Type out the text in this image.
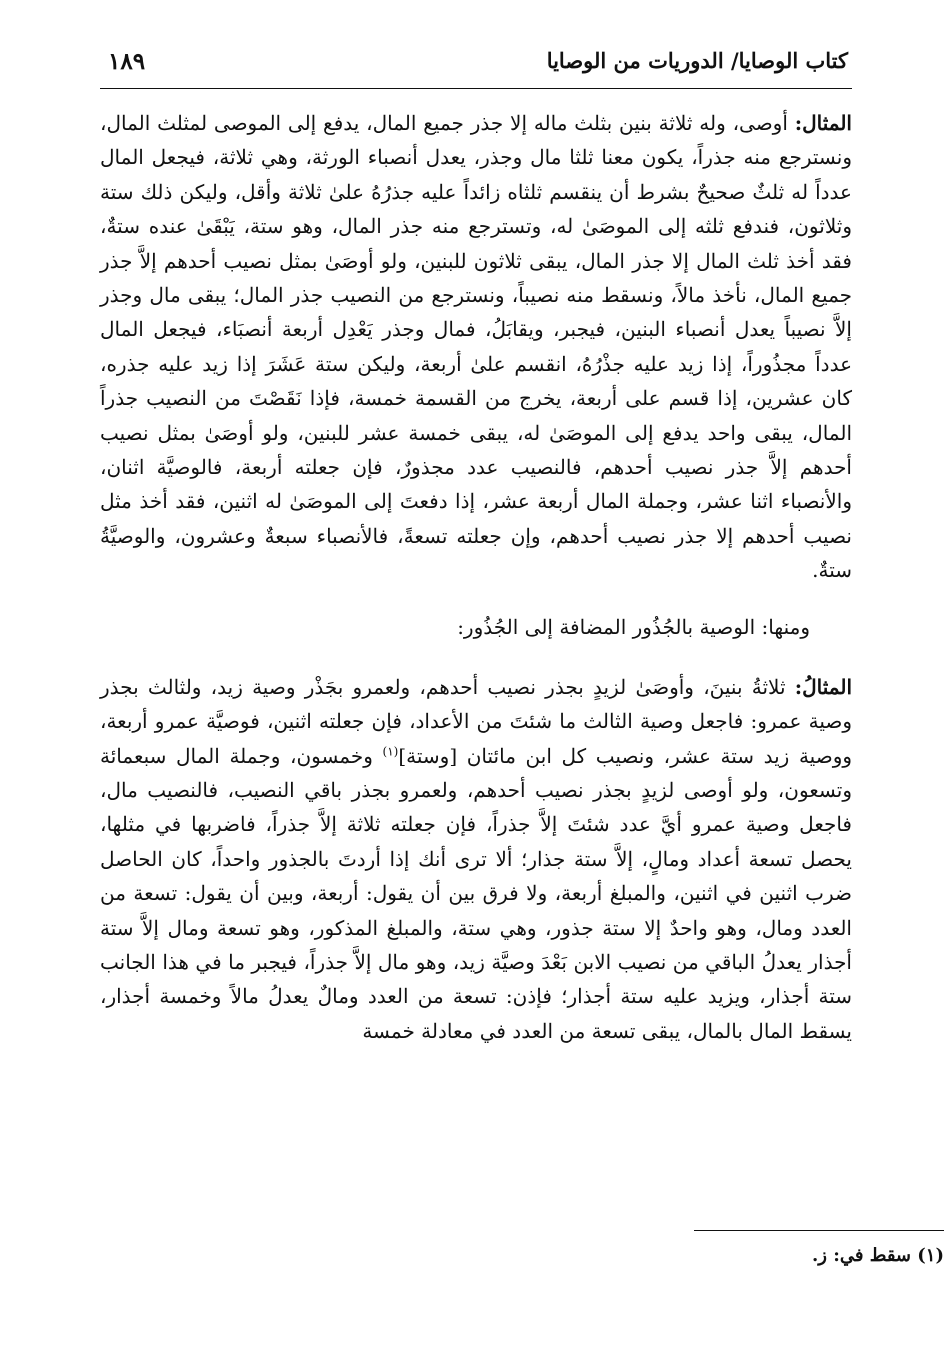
كتاب الوصايا/ الدوريات من الوصايا
١٨٩

المثال: أوصى، وله ثلاثة بنين بثلث ماله إلا جذر جميع المال، يدفع إلى الموصى لمثلث المال، ونسترجع منه جذراً، يكون معنا ثلثا مال وجذر، يعدل أنصباء الورثة، وهي ثلاثة، فيجعل المال عدداً له ثلثٌ صحيحٌ بشرط أن ينقسم ثلثاه زائداً عليه جذرُهُ علىٰ ثلاثة وأقل، وليكن ذلك ستة وثلاثون، فندفع ثلثه إلى الموصَىٰ له، وتسترجع منه جذر المال، وهو ستة، يَبْقَىٰ عنده ستةٌ، فقد أخذ ثلث المال إلا جذر المال، يبقى ثلاثون للبنين، ولو أوصَىٰ بمثل نصيب أحدهم إلاَّ جذر جميع المال، نأخذ مالاً، ونسقط منه نصيباً، ونسترجع من النصيب جذر المال؛ يبقى مال وجذر إلاَّ نصيباً يعدل أنصباء البنين، فيجبر، ويقابَلُ، فمال وجذر يَعْدِل أربعة أنصبَاء، فيجعل المال عدداً مجذُوراً، إذا زيد عليه جذْرُهُ، انقسم علىٰ أربعة، وليكن ستة عَشَرَ إذا زيد عليه جذره، كان عشرين، إذا قسم على أربعة، يخرج من القسمة خمسة، فإذا نَقَصْتَ من النصيب جذراً المال، يبقى واحد يدفع إلى الموصَىٰ له، يبقى خمسة عشر للبنين، ولو أوصَىٰ بمثل نصيب أحدهم إلاَّ جذر نصيب أحدهم، فالنصيب عدد مجذورٌ، فإن جعلته أربعة، فالوصيَّة اثنان، والأنصباء اثنا عشر، وجملة المال أربعة عشر، إذا دفعتَ إلى الموصَىٰ له اثنين، فقد أخذ مثل نصيب أحدهم إلا جذر نصيب أحدهم، وإن جعلته تسعةً، فالأنصباء سبعةٌ وعشرون، والوصيَّةُ ستةٌ.

ومنها: الوصية بالجُذُور المضافة إلى الجُذُور:

المثالُ: ثلاثةُ بنينَ، وأوصَىٰ لزيدٍ بجذر نصيب أحدهم، ولعمرو بجَذْر وصية زيد، ولثالث بجذر وصية عمرو: فاجعل وصية الثالث ما شئتَ من الأعداد، فإن جعلته اثنين، فوصيَّة عمرو أربعة، ووصية زيد ستة عشر، ونصيب كل ابن مائتان [وستة]$^{(١)}$ وخمسون، وجملة المال سبعمائة وتسعون، ولو أوصى لزيدٍ بجذر نصيب أحدهم، ولعمرو بجذر باقي النصيب، فالنصيب مال، فاجعل وصية عمرو أيَّ عدد شئتَ إلاَّ جذراً، فإن جعلته ثلاثة إلاَّ جذراً، فاضربها في مثلها، يحصل تسعة أعداد ومالٍ، إلاَّ ستة جذار؛ ألا ترى أنك إذا أردتَ بالجذور واحداً، كان الحاصل ضرب اثنين في اثنين، والمبلغ أربعة، ولا فرق بين أن يقول: أربعة، وبين أن يقول: تسعة من العدد ومال، وهو واحدٌ إلا ستة جذور، وهي ستة، والمبلغ المذكور، وهو تسعة ومال إلاَّ ستة أجذار يعدلُ الباقي من نصيب الابن بَعْدَ وصيَّة زيد، وهو مال إلاَّ جذراً، فيجبر ما في هذا الجانب ستة أجذار، ويزيد عليه ستة أجذار؛ فإذن: تسعة من العدد ومالٌ يعدلُ مالاً وخمسة أجذار، يسقط المال بالمال، يبقى تسعة من العدد في معادلة خمسة

(١) سقط في: ز.
